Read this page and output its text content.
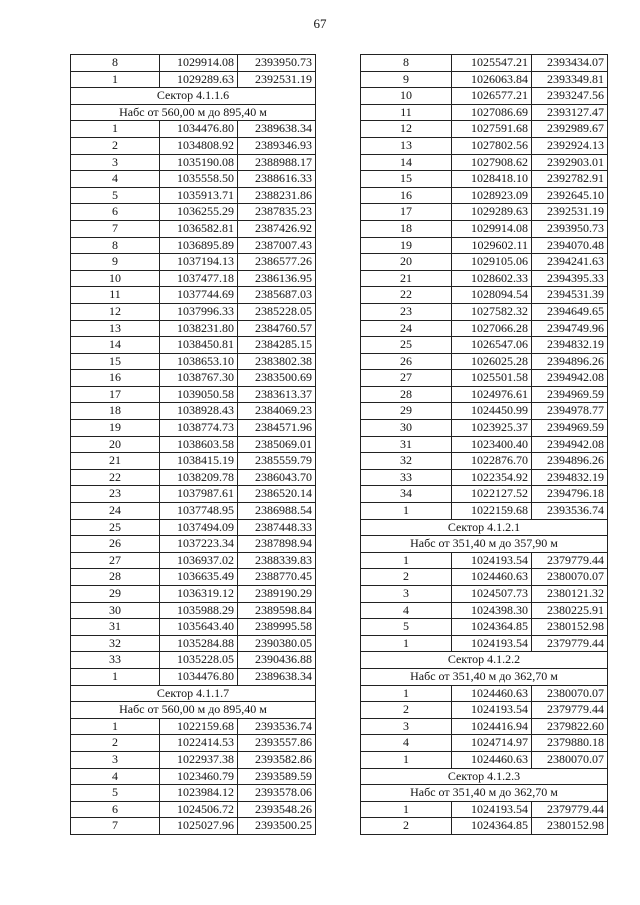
67
8	1029914.08	2393950.73
1	1029289.63	2392531.19
Сектор 4.1.1.6		
Набс от 560,00 м до 895,40 м		
1	1034476.80	2389638.34
2	1034808.92	2389346.93
3	1035190.08	2388988.17
4	1035558.50	2388616.33
5	1035913.71	2388231.86
6	1036255.29	2387835.23
7	1036582.81	2387426.92
8	1036895.89	2387007.43
9	1037194.13	2386577.26
10	1037477.18	2386136.95
11	1037744.69	2385687.03
12	1037996.33	2385228.05
13	1038231.80	2384760.57
14	1038450.81	2384285.15
15	1038653.10	2383802.38
16	1038767.30	2383500.69
17	1039050.58	2383613.37
18	1038928.43	2384069.23
19	1038774.73	2384571.96
20	1038603.58	2385069.01
21	1038415.19	2385559.79
22	1038209.78	2386043.70
23	1037987.61	2386520.14
24	1037748.95	2386988.54
25	1037494.09	2387448.33
26	1037223.34	2387898.94
27	1036937.02	2388339.83
28	1036635.49	2388770.45
29	1036319.12	2389190.29
30	1035988.29	2389598.84
31	1035643.40	2389995.58
32	1035284.88	2390380.05
33	1035228.05	2390436.88
1	1034476.80	2389638.34
Сектор 4.1.1.7		
Набс от 560,00 м до 895,40 м		
1	1022159.68	2393536.74
2	1022414.53	2393557.86
3	1022937.38	2393582.86
4	1023460.79	2393589.59
5	1023984.12	2393578.06
6	1024506.72	2393548.26
7	1025027.96	2393500.25
8	1025547.21	2393434.07
9	1026063.84	2393349.81
10	1026577.21	2393247.56
11	1027086.69	2393127.47
12	1027591.68	2392989.67
13	1027802.56	2392924.13
14	1027908.62	2392903.01
15	1028418.10	2392782.91
16	1028923.09	2392645.10
17	1029289.63	2392531.19
18	1029914.08	2393950.73
19	1029602.11	2394070.48
20	1029105.06	2394241.63
21	1028602.33	2394395.33
22	1028094.54	2394531.39
23	1027582.32	2394649.65
24	1027066.28	2394749.96
25	1026547.06	2394832.19
26	1026025.28	2394896.26
27	1025501.58	2394942.08
28	1024976.61	2394969.59
29	1024450.99	2394978.77
30	1023925.37	2394969.59
31	1023400.40	2394942.08
32	1022876.70	2394896.26
33	1022354.92	2394832.19
34	1022127.52	2394796.18
1	1022159.68	2393536.74
Сектор 4.1.2.1		
Набс от 351,40 м до 357,90 м		
1	1024193.54	2379779.44
2	1024460.63	2380070.07
3	1024507.73	2380121.32
4	1024398.30	2380225.91
5	1024364.85	2380152.98
1	1024193.54	2379779.44
Сектор 4.1.2.2		
Набс от 351,40 м до 362,70 м		
1	1024460.63	2380070.07
2	1024193.54	2379779.44
3	1024416.94	2379822.60
4	1024714.97	2379880.18
1	1024460.63	2380070.07
Сектор 4.1.2.3		
Набс от 351,40 м до 362,70 м		
1	1024193.54	2379779.44
2	1024364.85	2380152.98
